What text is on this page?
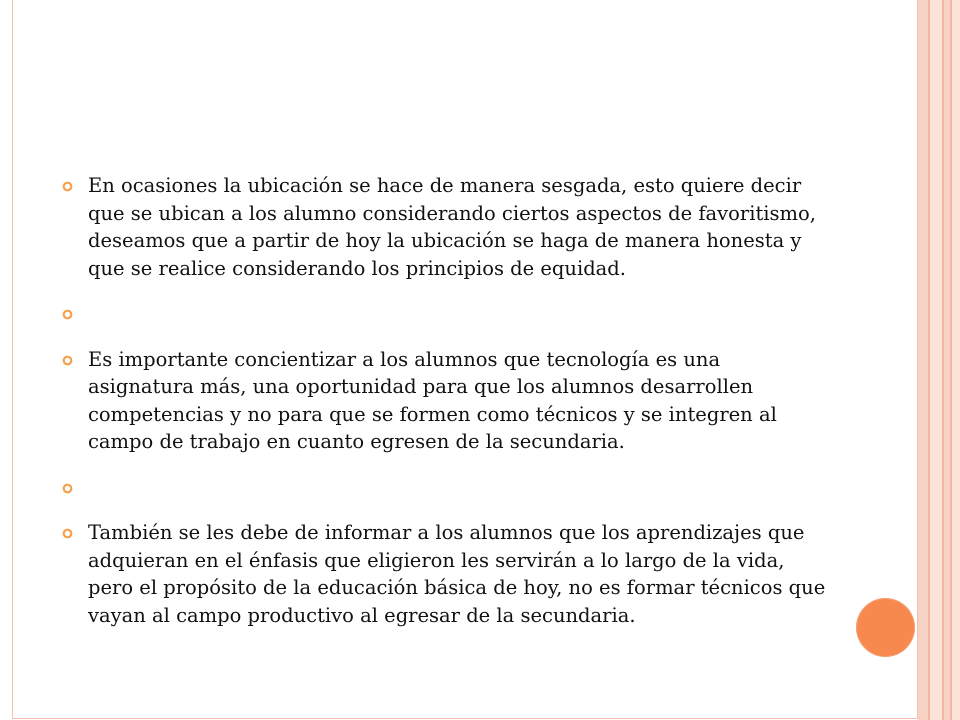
En ocasiones la ubicación se hace de manera sesgada, esto quiere decir que se ubican a los alumno considerando ciertos aspectos de favoritismo, deseamos que a partir de hoy la ubicación se haga de manera honesta y que se realice considerando los principios de equidad.
Es importante concientizar a los alumnos que tecnología es una asignatura más, una oportunidad para que los alumnos desarrollen competencias y no para que se formen como técnicos y se integren al campo de trabajo en cuanto egresen de la secundaria.
También se les debe de informar a los alumnos que los aprendizajes que adquieran en el énfasis que eligieron les servirán a lo largo de la vida, pero el propósito de la educación básica de hoy, no es formar técnicos que vayan al campo productivo al egresar de la secundaria.
